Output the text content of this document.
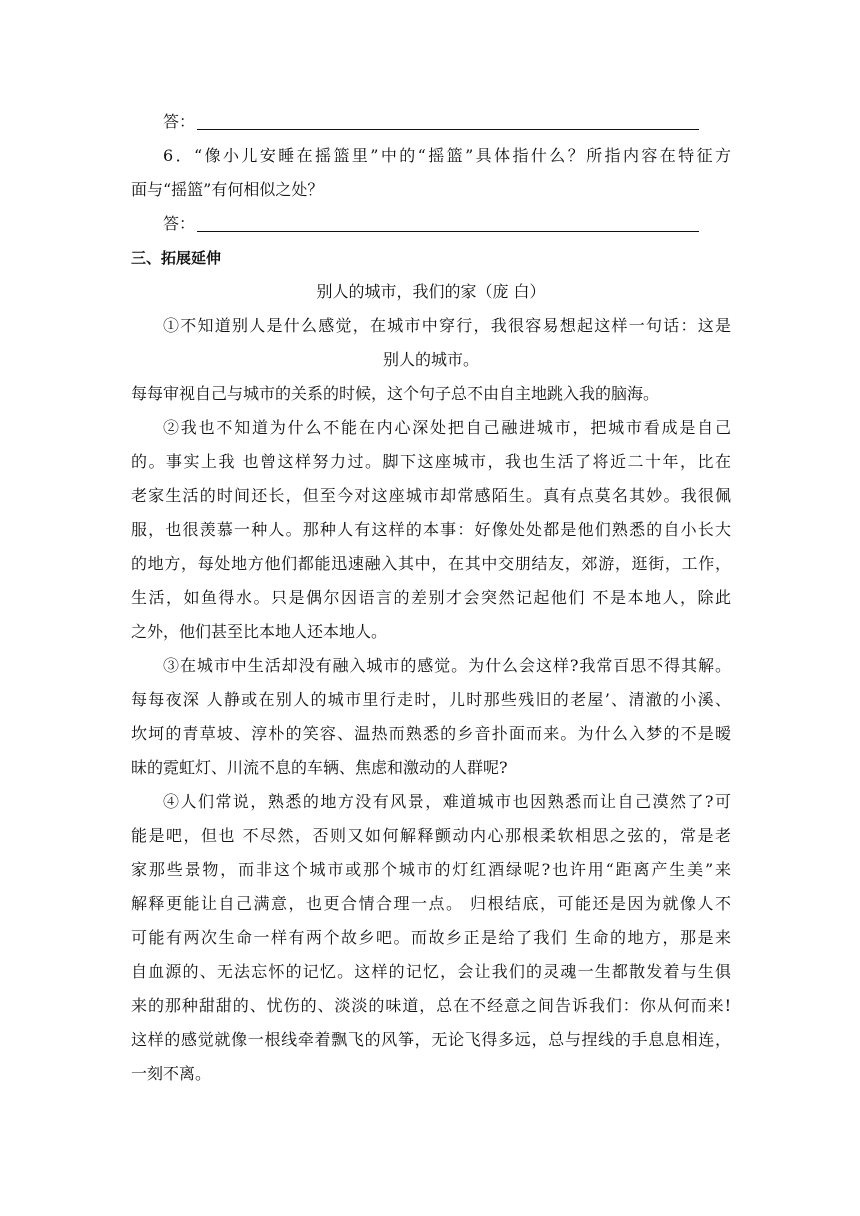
答：
6．“像小儿安睡在摇篮里”中的“摇篮”具体指什么？所指内容在特征方
面与“摇篮”有何相似之处？
答：
三、拓展延伸
别人的城市，我们的家（庞 白）
①不知道别人是什么感觉，在城市中穿行，我很容易想起这样一句话：这是
别人的城市。
每每审视自己与城市的关系的时候，这个句子总不由自主地跳入我的脑海。
②我也不知道为什么不能在内心深处把自己融进城市，把城市看成是自己
的。事实上我 也曾这样努力过。脚下这座城市，我也生活了将近二十年，比在
老家生活的时间还长，但至今对这座城市却常感陌生。真有点莫名其妙。我很佩
服，也很羡慕一种人。那种人有这样的本事：好像处处都是他们熟悉的自小长大
的地方，每处地方他们都能迅速融入其中，在其中交朋结友，郊游，逛街，工作，
生活，如鱼得水。只是偶尔因语言的差别才会突然记起他们 不是本地人，除此
之外，他们甚至比本地人还本地人。
③在城市中生活却没有融入城市的感觉。为什么会这样?我常百思不得其解。
每每夜深 人静或在别人的城市里行走时，儿时那些残旧的老屋’、清澈的小溪、
坎坷的青草坡、淳朴的笑容、温热而熟悉的乡音扑面而来。为什么入梦的不是暧
昧的霓虹灯、川流不息的车辆、焦虑和激动的人群呢?
④人们常说，熟悉的地方没有风景，难道城市也因熟悉而让自己漠然了?可
能是吧，但也 不尽然，否则又如何解释颤动内心那根柔软相思之弦的，常是老
家那些景物，而非这个城市或那个城市的灯红酒绿呢?也许用“距离产生美”来
解释更能让自己满意，也更合情合理一点。 归根结底，可能还是因为就像人不
可能有两次生命一样有两个故乡吧。而故乡正是给了我们 生命的地方，那是来
自血源的、无法忘怀的记忆。这样的记忆，会让我们的灵魂一生都散发着与生俱
来的那种甜甜的、忧伤的、淡淡的味道，总在不经意之间告诉我们：你从何而来!
这样的感觉就像一根线牵着飘飞的风筝，无论飞得多远，总与捏线的手息息相连，
一刻不离。
